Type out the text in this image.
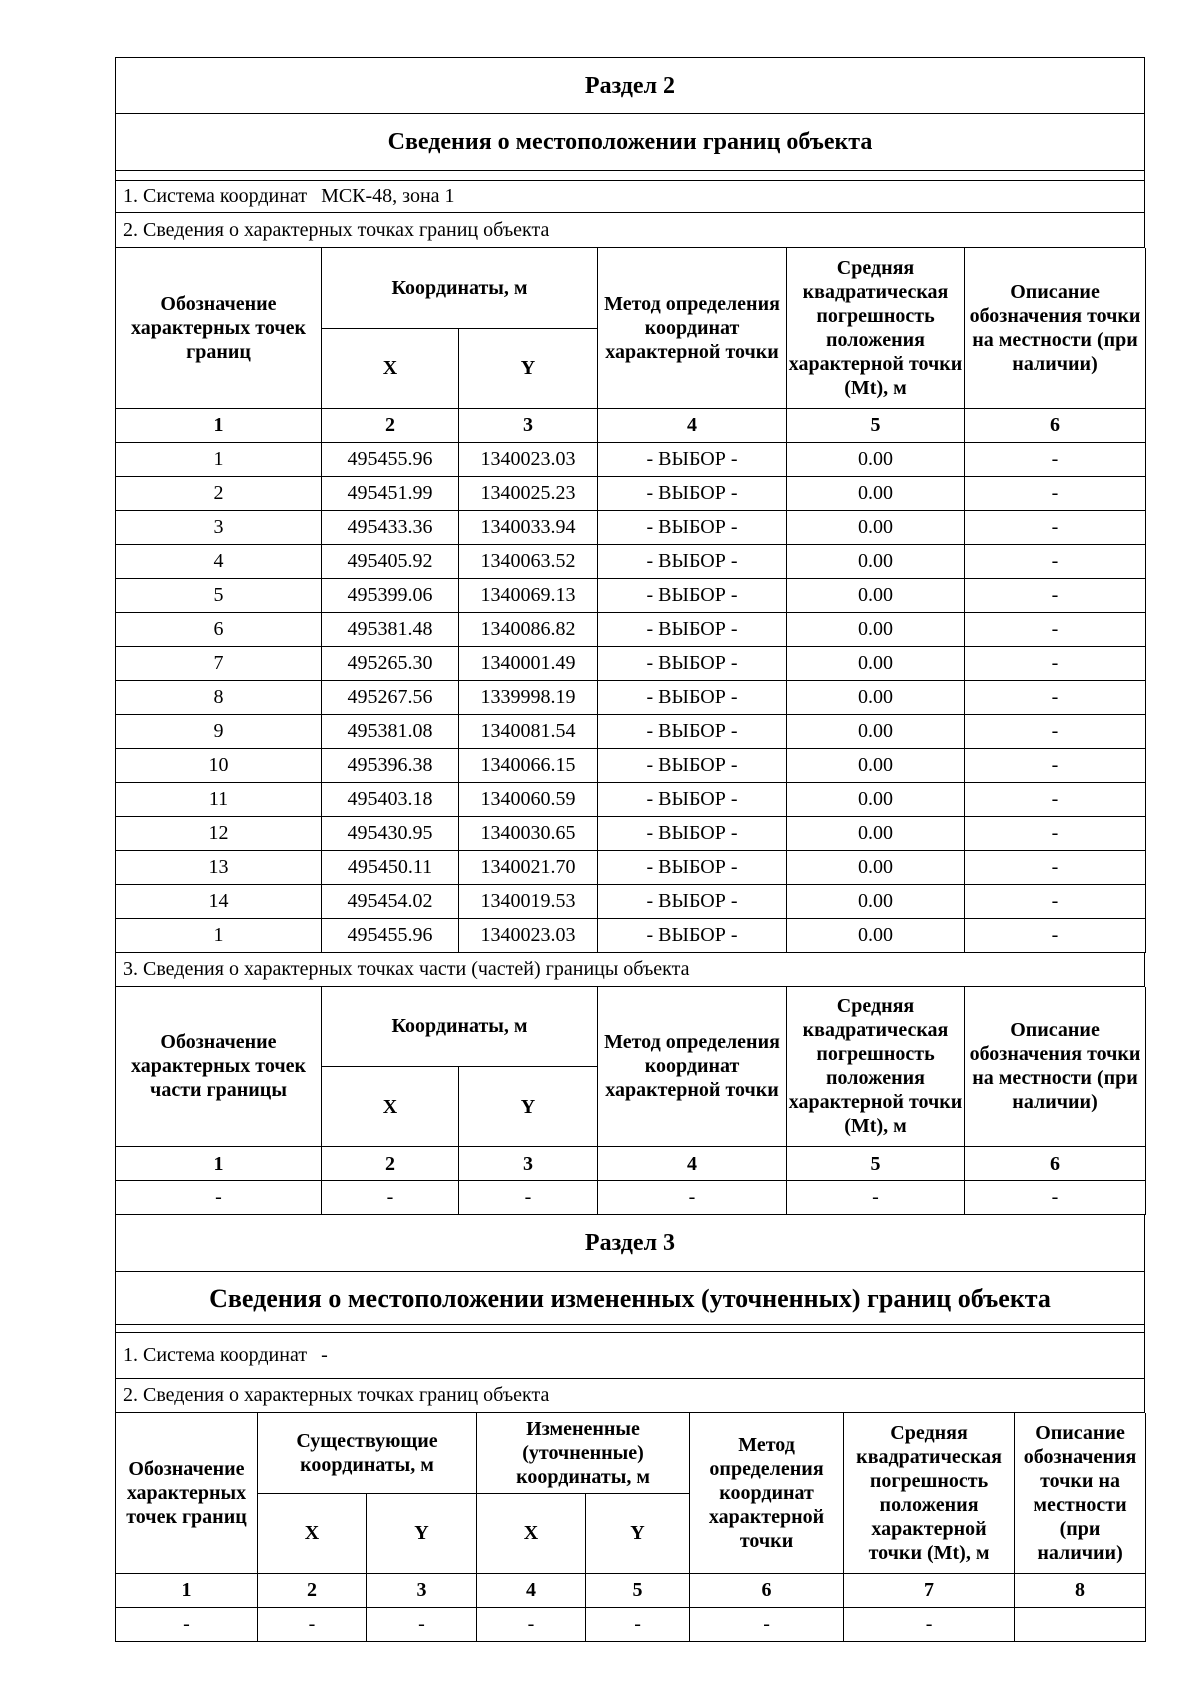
Раздел 2
Сведения о местоположении границ объекта
1. Система координат МСК-48, зона 1
2. Сведения о характерных точках границ объекта
Обозначение характерных точек границ	Координаты, м		Метод определения координат характерной точки	Средняя квадратическая погрешность положения характерной точки (Mt), м	Описание обозначения точки на местности (при наличии)
	X	Y			
1	2	3	4	5	6
1	495455.96	1340023.03	- ВЫБОР -	0.00	-
2	495451.99	1340025.23	- ВЫБОР -	0.00	-
3	495433.36	1340033.94	- ВЫБОР -	0.00	-
4	495405.92	1340063.52	- ВЫБОР -	0.00	-
5	495399.06	1340069.13	- ВЫБОР -	0.00	-
6	495381.48	1340086.82	- ВЫБОР -	0.00	-
7	495265.30	1340001.49	- ВЫБОР -	0.00	-
8	495267.56	1339998.19	- ВЫБОР -	0.00	-
9	495381.08	1340081.54	- ВЫБОР -	0.00	-
10	495396.38	1340066.15	- ВЫБОР -	0.00	-
11	495403.18	1340060.59	- ВЫБОР -	0.00	-
12	495430.95	1340030.65	- ВЫБОР -	0.00	-
13	495450.11	1340021.70	- ВЫБОР -	0.00	-
14	495454.02	1340019.53	- ВЫБОР -	0.00	-
1	495455.96	1340023.03	- ВЫБОР -	0.00	-
3. Сведения о характерных точках части (частей) границы объекта
Обозначение характерных точек части границы	Координаты, м		Метод определения координат характерной точки	Средняя квадратическая погрешность положения характерной точки (Mt), м	Описание обозначения точки на местности (при наличии)
	X	Y			
1	2	3	4	5	6
-	-	-	-	-	-
Раздел 3
Сведения о местоположении измененных (уточненных) границ объекта
1. Система координат -
2. Сведения о характерных точках границ объекта
Обозначение характерных точек границ	Существующие координаты, м		Измененные (уточненные) координаты, м		Метод определения координат характерной точки	Средняя квадратическая погрешность положения характерной точки (Mt), м	Описание обозначения точки на местности (при наличии)
	X	Y	X	Y			
1	2	3	4	5	6	7	8
-	-	-	-	-	-	-	
